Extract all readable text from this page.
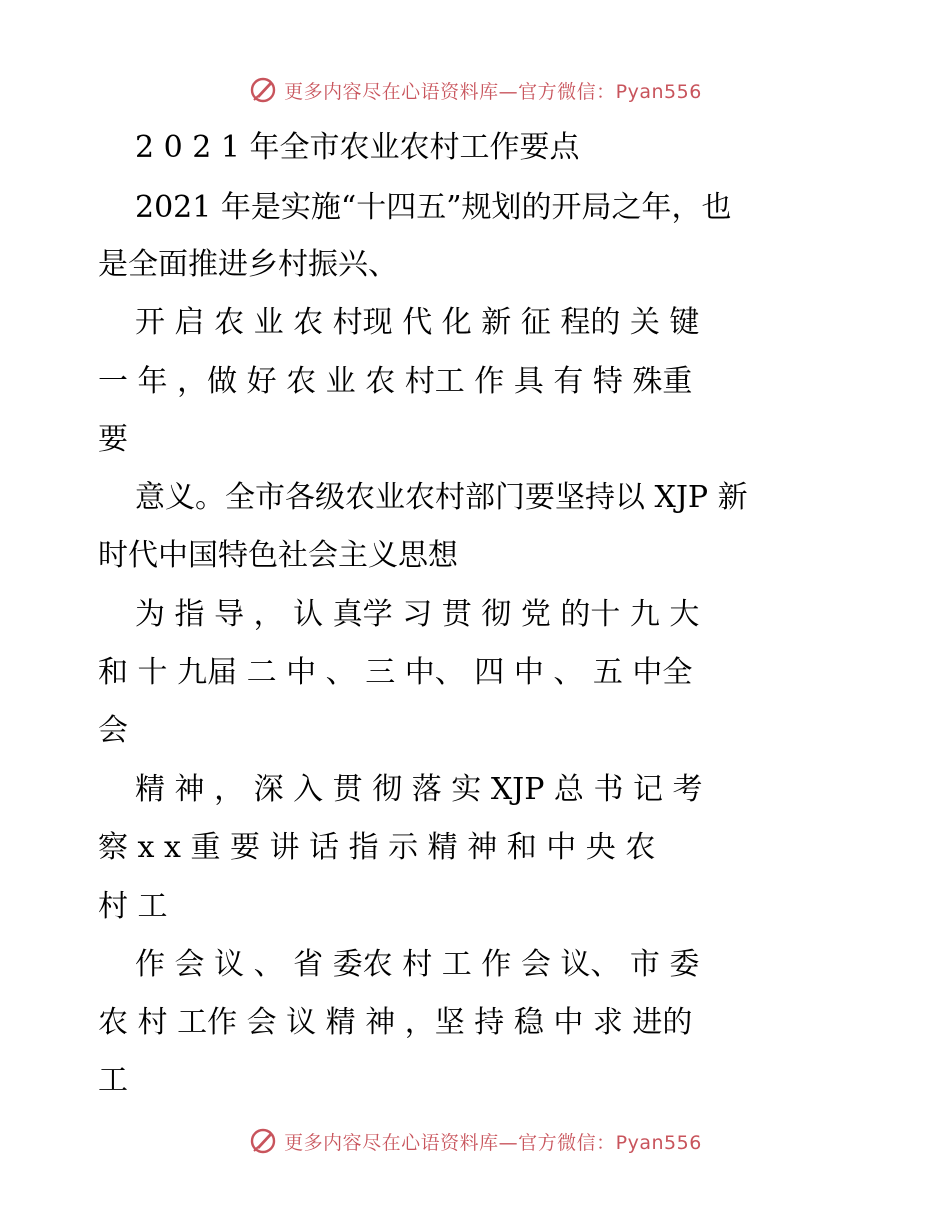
更多内容尽在心语资料库—官方微信：Pyan556
2 0 2 1 年全市农业农村工作要点
2021 年是实施“十四五”规划的开局之年，也
是全面推进乡村振兴、
开 启 农 业 农 村现 代 化 新 征 程的 关 键
一 年 ，做 好 农 业 农 村工 作 具 有 特 殊重
要
意义。全市各级农业农村部门要坚持以 XJP 新
时代中国特色社会主义思想
为 指 导 ， 认 真学 习 贯 彻 党 的十 九 大
和 十 九届 二 中 、 三 中、 四 中 、 五 中全
会
精 神 ， 深 入 贯 彻 落 实 XJP 总 书 记 考
察 x x 重 要 讲 话 指 示 精 神 和 中 央 农
村 工
作 会 议 、 省 委农 村 工 作 会 议、 市 委
农 村 工作 会 议 精 神 ，坚 持 稳 中 求 进的
工
更多内容尽在心语资料库—官方微信：Pyan556
